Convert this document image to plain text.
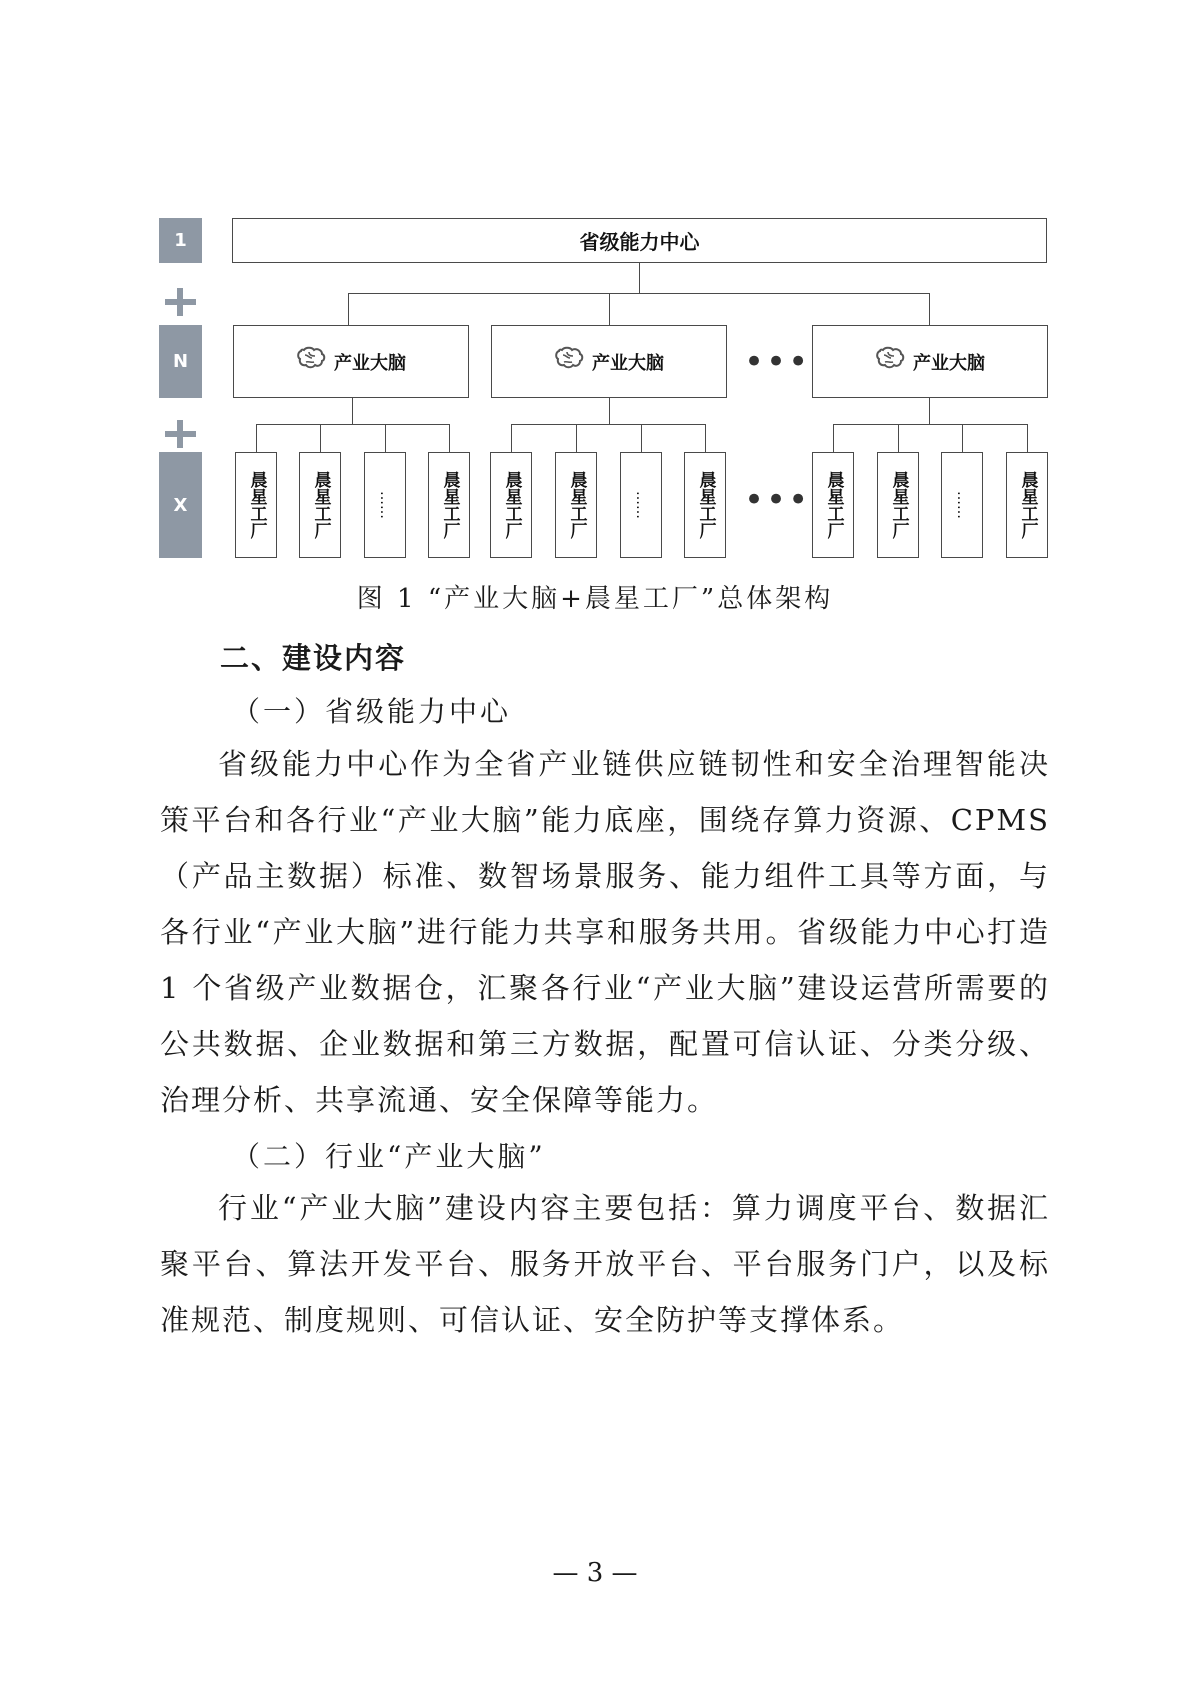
1
N
X
省级能力中心
产业大脑	产业大脑 •••	产业大脑
晨星工厂	晨星工厂	……	晨星工厂 晨星工厂	晨星工厂	……	晨星工厂 ••• 晨星工厂	晨星工厂	……	晨星工厂
图 1 “产业大脑+晨星工厂”总体架构
二、建设内容
（一）省级能力中心

省级能力中心作为全省产业链供应链韧性和安全治理智能决策平台和各行业“产业大脑”能力底座，围绕存算力资源、CPMS（产品主数据）标准、数智场景服务、能力组件工具等方面，与各行业“产业大脑”进行能力共享和服务共用。省级能力中心打造 1 个省级产业数据仓，汇聚各行业“产业大脑”建设运营所需要的公共数据、企业数据和第三方数据，配置可信认证、分类分级、治理分析、共享流通、安全保障等能力。

（二）行业“产业大脑”

行业“产业大脑”建设内容主要包括：算力调度平台、数据汇聚平台、算法开发平台、服务开放平台、平台服务门户，以及标准规范、制度规则、可信认证、安全防护等支撑体系。

— 3 —
